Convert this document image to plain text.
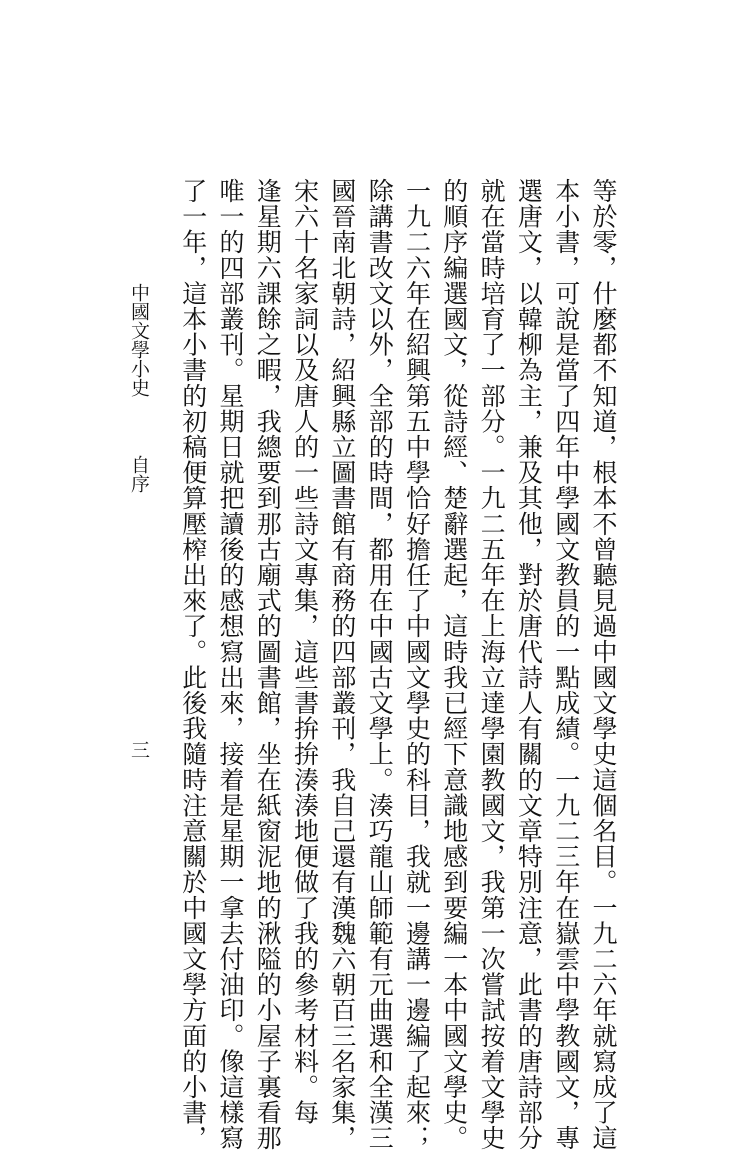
等於零，什麼都不知道，根本不曾聽見過中國文學史這個名目。一九二六年就寫成了這
本小書，可說是當了四年中學國文教員的一點成績。一九二三年在嶽雲中學教國文，專
選唐文，以韓柳為主，兼及其他，對於唐代詩人有關的文章特別注意，此書的唐詩部分
就在當時培育了一部分。一九二五年在上海立達學園教國文，我第一次嘗試按着文學史
的順序編選國文，從詩經、楚辭選起，這時我已經下意識地感到要編一本中國文學史。
一九二六年在紹興第五中學恰好擔任了中國文學史的科目，我就一邊講一邊編了起來；
除講書改文以外，全部的時間，都用在中國古文學上。湊巧龍山師範有元曲選和全漢三
國晉南北朝詩，紹興縣立圖書館有商務的四部叢刊，我自己還有漢魏六朝百三名家集，
宋六十名家詞以及唐人的一些詩文專集，這些書拚拚湊湊地便做了我的參考材料。每
逢星期六課餘之暇，我總要到那古廟式的圖書館，坐在紙窗泥地的湫隘的小屋子裏看那
唯一的四部叢刊。星期日就把讀後的感想寫出來，接着是星期一拿去付油印。像這樣寫
了一年，這本小書的初稿便算壓榨出來了。此後我隨時注意關於中國文學方面的小書，
中國文學小史
自序
三
